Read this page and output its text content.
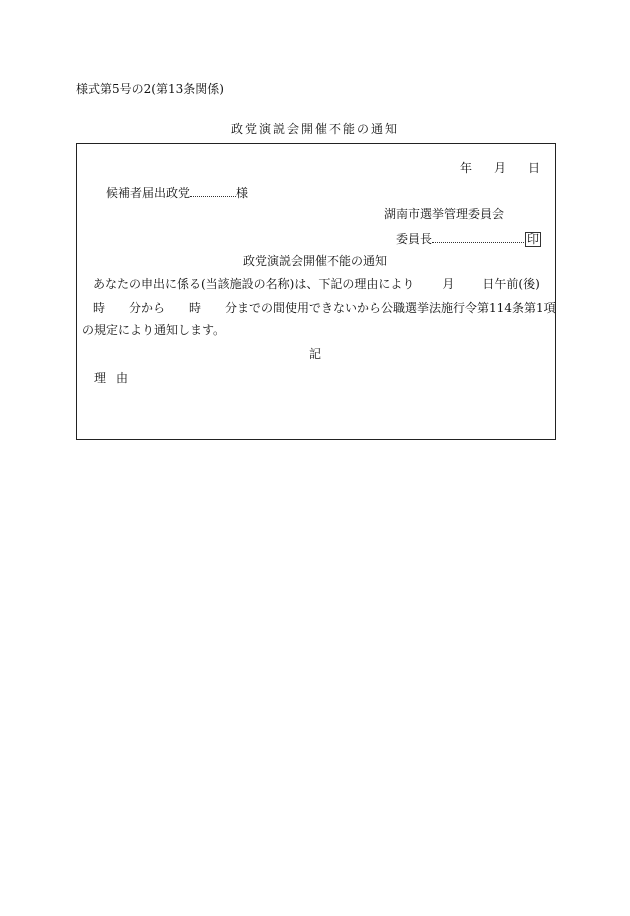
様式第5号の2(第13条関係)
政党演説会開催不能の通知
年 月 日
候補者届出政党	様
湖南市選挙管理委員会
委員長	印
政党演説会開催不能の通知
あなたの申出に係る(当該施設の名称)は、下記の理由により 月 日午前(後)
時 分から 時 分までの間使用できないから公職選挙法施行令第114条第1項
の規定により通知します。
記
理由
